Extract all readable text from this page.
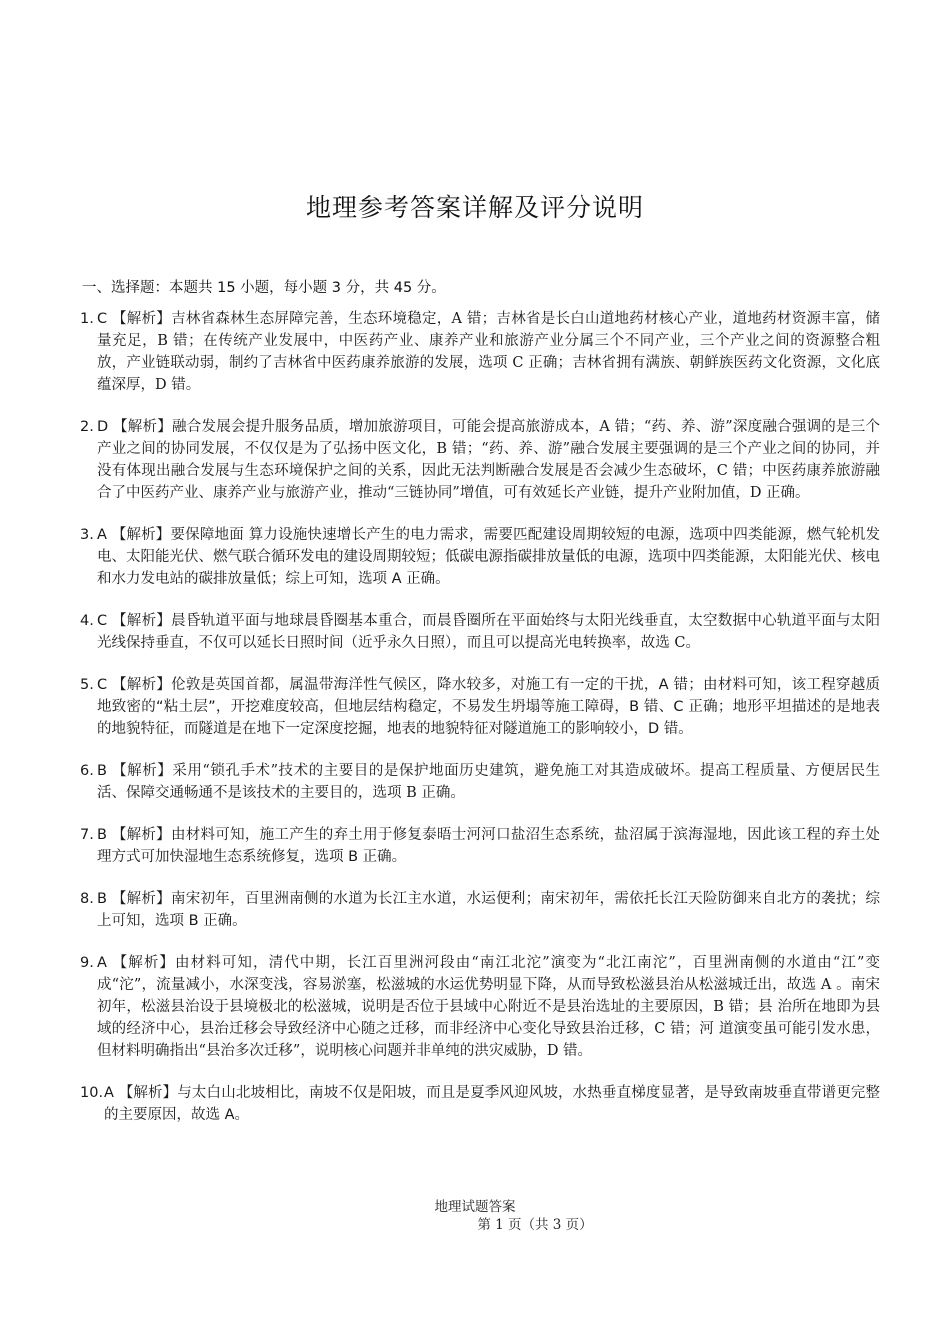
地理参考答案详解及评分说明
一、选择题：本题共 15 小题，每小题 3 分，共 45 分。
1. C 【解析】吉林省森林生态屏障完善，生态环境稳定，A 错；吉林省是长白山道地药材核心产业，道地药材资源丰富，储量充足，B 错；在传统产业发展中，中医药产业、康养产业和旅游产业分属三个不同产业，三个产业之间的资源整合粗放，产业链联动弱，制约了吉林省中医药康养旅游的发展，选项 C 正确；吉林省拥有满族、朝鲜族医药文化资源，文化底蕴深厚，D 错。
2. D 【解析】融合发展会提升服务品质，增加旅游项目，可能会提高旅游成本，A 错；“药、养、游”深度融合强调的是三个产业之间的协同发展，不仅仅是为了弘扬中医文化，B 错；“药、养、游”融合发展主要强调的是三个产业之间的协同，并没有体现出融合发展与生态环境保护之间的关系，因此无法判断融合发展是否会减少生态破坏，C 错；中医药康养旅游融合了中医药产业、康养产业与旅游产业，推动“三链协同”增值，可有效延长产业链，提升产业附加值，D 正确。
3. A 【解析】要保障地面 算力设施快速增长产生的电力需求，需要匹配建设周期较短的电源，选项中四类能源，燃气轮机发电、太阳能光伏、燃气联合循环发电的建设周期较短；低碳电源指碳排放量低的电源，选项中四类能源，太阳能光伏、核电和水力发电站的碳排放量低；综上可知，选项 A 正确。
4. C 【解析】晨昏轨道平面与地球晨昏圈基本重合，而晨昏圈所在平面始终与太阳光线垂直，太空数据中心轨道平面与太阳光线保持垂直，不仅可以延长日照时间（近乎永久日照），而且可以提高光电转换率，故选 C。
5. C 【解析】伦敦是英国首都，属温带海洋性气候区，降水较多，对施工有一定的干扰，A 错；由材料可知，该工程穿越质地致密的“粘土层”，开挖难度较高，但地层结构稳定，不易发生坍塌等施工障碍，B 错、C 正确；地形平坦描述的是地表的地貌特征，而隧道是在地下一定深度挖掘，地表的地貌特征对隧道施工的影响较小，D 错。
6. B 【解析】采用“锁孔手术”技术的主要目的是保护地面历史建筑，避免施工对其造成破坏。提高工程质量、方便居民生活、保障交通畅通不是该技术的主要目的，选项 B 正确。
7. B 【解析】由材料可知，施工产生的弃土用于修复泰晤士河河口盐沼生态系统，盐沼属于滨海湿地，因此该工程的弃土处理方式可加快湿地生态系统修复，选项 B 正确。
8. B 【解析】南宋初年，百里洲南侧的水道为长江主水道，水运便利；南宋初年，需依托长江天险防御来自北方的袭扰；综上可知，选项 B 正确。
9. A 【解析】由材料可知，清代中期，长江百里洲河段由“南江北沱”演变为“北江南沱”，百里洲南侧的水道由“江”变成“沱”，流量减小，水深变浅，容易淤塞，松滋城的水运优势明显下降，从而导致松滋县治从松滋城迁出，故选 A 。南宋初年，松滋县治设于县境极北的松滋城，说明是否位于县域中心附近不是县治选址的主要原因，B 错；县 治所在地即为县域的经济中心，县治迁移会导致经济中心随之迁移，而非经济中心变化导致县治迁移，C 错；河 道演变虽可能引发水患，但材料明确指出“县治多次迁移”，说明核心问题并非单纯的洪灾威胁，D 错。
10. A 【解析】与太白山北坡相比，南坡不仅是阳坡，而且是夏季风迎风坡，水热垂直梯度显著，是导致南坡垂直带谱更完整的主要原因，故选 A。
地理试题答案
第 1 页（共 3 页）
